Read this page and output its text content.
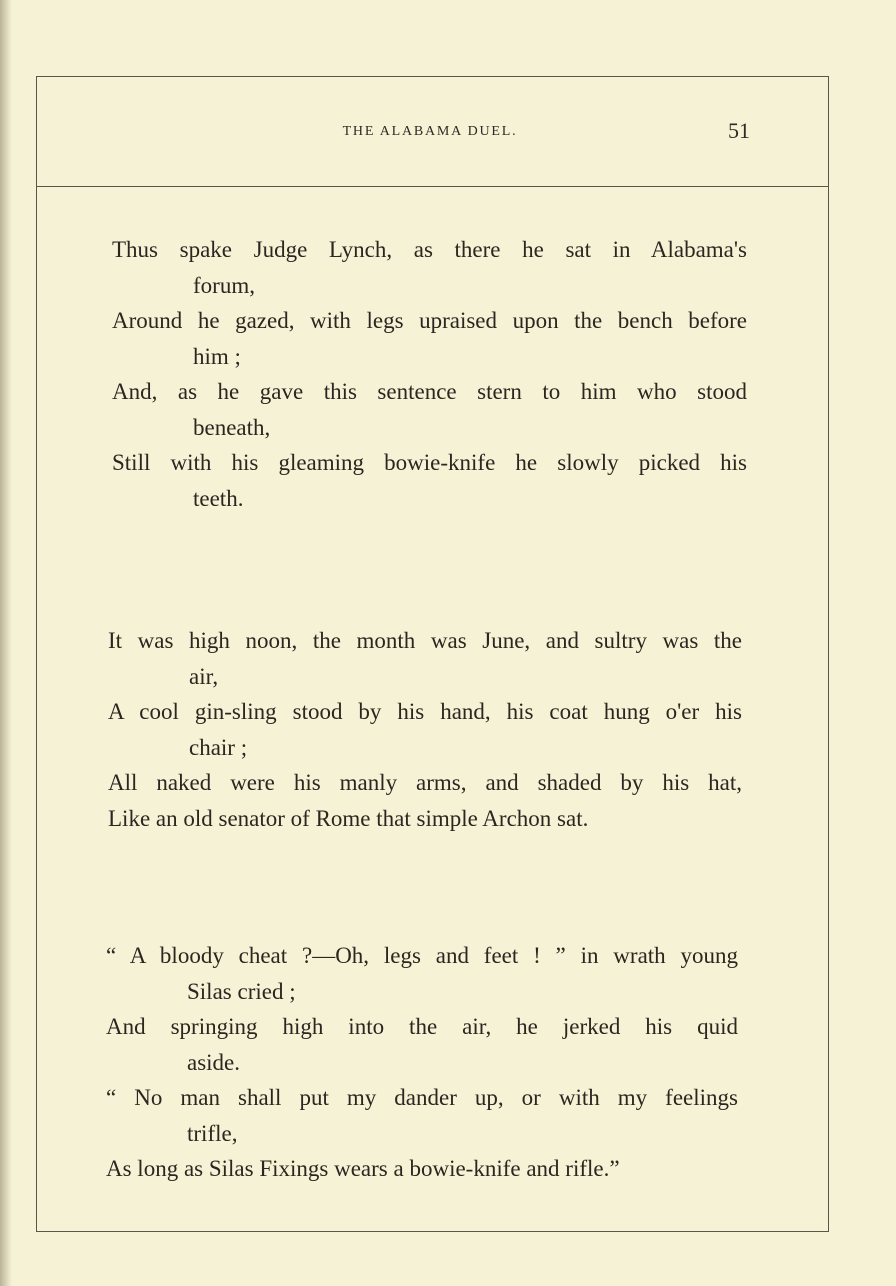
THE ALABAMA DUEL.	51
Thus spake Judge Lynch, as there he sat in Alabama's
forum,
Around he gazed, with legs upraised upon the bench before
him ;
And, as he gave this sentence stern to him who stood
beneath,
Still with his gleaming bowie-knife he slowly picked his
teeth.
It was high noon, the month was June, and sultry was the
air,
A cool gin-sling stood by his hand, his coat hung o'er his
chair ;
All naked were his manly arms, and shaded by his hat,
Like an old senator of Rome that simple Archon sat.
“ A bloody cheat ?—Oh, legs and feet ! ” in wrath young
Silas cried ;
And springing high into the air, he jerked his quid
aside.
“ No man shall put my dander up, or with my feelings
trifle,
As long as Silas Fixings wears a bowie-knife and rifle.”
